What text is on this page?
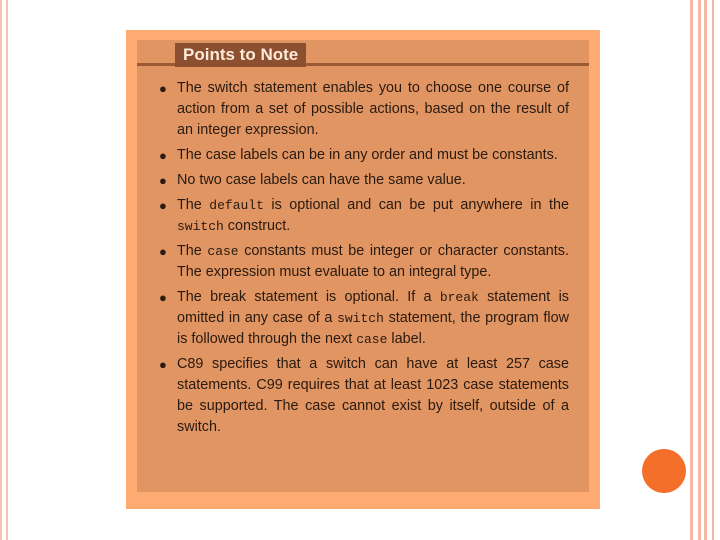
Points to Note
● The switch statement enables you to choose one course of action from a set of possible actions, based on the result of an integer expression.
● The case labels can be in any order and must be constants.
● No two case labels can have the same value.
● The default is optional and can be put anywhere in the switch construct.
● The case constants must be integer or character constants. The expression must evaluate to an integral type.
● The break statement is optional. If a break statement is omitted in any case of a switch statement, the program flow is followed through the next case label.
● C89 specifies that a switch can have at least 257 case statements. C99 requires that at least 1023 case statements be supported. The case cannot exist by itself, outside of a switch.
